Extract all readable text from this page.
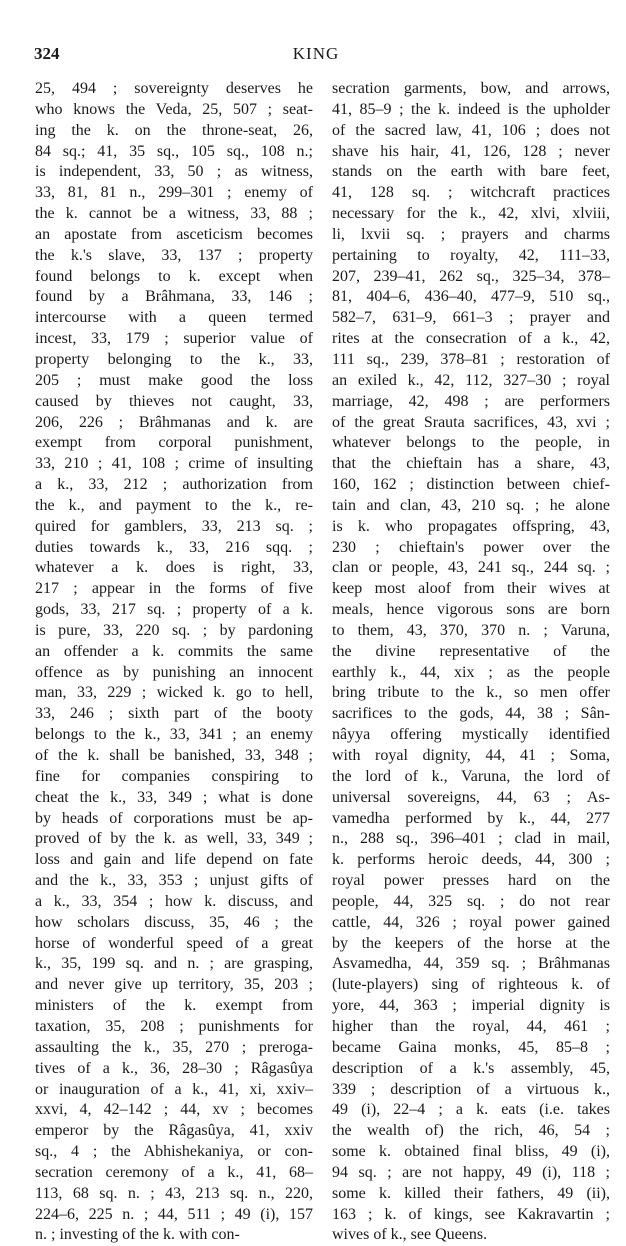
324	KING
25, 494 ; sovereignty deserves he
who knows the Veda, 25, 507 ; seat-
ing the k. on the throne-seat, 26,
84 sq.; 41, 35 sq., 105 sq., 108 n.;
is independent, 33, 50 ; as witness,
33, 81, 81 n., 299–301 ; enemy of
the k. cannot be a witness, 33, 88 ;
an apostate from asceticism becomes
the k.'s slave, 33, 137 ; property
found belongs to k. except when
found by a Brâhmana, 33, 146 ;
intercourse with a queen termed
incest, 33, 179 ; superior value of
property belonging to the k., 33,
205 ; must make good the loss
caused by thieves not caught, 33,
206, 226 ; Brâhmanas and k. are
exempt from corporal punishment,
33, 210 ; 41, 108 ; crime of insulting
a k., 33, 212 ; authorization from
the k., and payment to the k., re-
quired for gamblers, 33, 213 sq. ;
duties towards k., 33, 216 sqq. ;
whatever a k. does is right, 33,
217 ; appear in the forms of five
gods, 33, 217 sq. ; property of a k.
is pure, 33, 220 sq. ; by pardoning
an offender a k. commits the same
offence as by punishing an innocent
man, 33, 229 ; wicked k. go to hell,
33, 246 ; sixth part of the booty
belongs to the k., 33, 341 ; an enemy
of the k. shall be banished, 33, 348 ;
fine for companies conspiring to
cheat the k., 33, 349 ; what is done
by heads of corporations must be ap-
proved of by the k. as well, 33, 349 ;
loss and gain and life depend on fate
and the k., 33, 353 ; unjust gifts of
a k., 33, 354 ; how k. discuss, and
how scholars discuss, 35, 46 ; the
horse of wonderful speed of a great
k., 35, 199 sq. and n. ; are grasping,
and never give up territory, 35, 203 ;
ministers of the k. exempt from
taxation, 35, 208 ; punishments for
assaulting the k., 35, 270 ; preroga-
tives of a k., 36, 28–30 ; Râgasûya
or inauguration of a k., 41, xi, xxiv–
xxvi, 4, 42–142 ; 44, xv ; becomes
emperor by the Râgasûya, 41, xxiv
sq., 4 ; the Abhishekaniya, or con-
secration ceremony of a k., 41, 68–
113, 68 sq. n. ; 43, 213 sq. n., 220,
224–6, 225 n. ; 44, 511 ; 49 (i), 157
n. ; investing of the k. with con-
secration garments, bow, and arrows,
41, 85–9 ; the k. indeed is the upholder
of the sacred law, 41, 106 ; does not
shave his hair, 41, 126, 128 ; never
stands on the earth with bare feet,
41, 128 sq. ; witchcraft practices
necessary for the k., 42, xlvi, xlviii,
li, lxvii sq. ; prayers and charms
pertaining to royalty, 42, 111–33,
207, 239–41, 262 sq., 325–34, 378–
81, 404–6, 436–40, 477–9, 510 sq.,
582–7, 631–9, 661–3 ; prayer and
rites at the consecration of a k., 42,
111 sq., 239, 378–81 ; restoration of
an exiled k., 42, 112, 327–30 ; royal
marriage, 42, 498 ; are performers
of the great Srauta sacrifices, 43, xvi ;
whatever belongs to the people, in
that the chieftain has a share, 43,
160, 162 ; distinction between chief-
tain and clan, 43, 210 sq. ; he alone
is k. who propagates offspring, 43,
230 ; chieftain's power over the
clan or people, 43, 241 sq., 244 sq. ;
keep most aloof from their wives at
meals, hence vigorous sons are born
to them, 43, 370, 370 n. ; Varuna,
the divine representative of the
earthly k., 44, xix ; as the people
bring tribute to the k., so men offer
sacrifices to the gods, 44, 38 ; Sân-
nâyya offering mystically identified
with royal dignity, 44, 41 ; Soma,
the lord of k., Varuna, the lord of
universal sovereigns, 44, 63 ; As-
vamedha performed by k., 44, 277
n., 288 sq., 396–401 ; clad in mail,
k. performs heroic deeds, 44, 300 ;
royal power presses hard on the
people, 44, 325 sq. ; do not rear
cattle, 44, 326 ; royal power gained
by the keepers of the horse at the
Asvamedha, 44, 359 sq. ; Brâhmanas
(lute-players) sing of righteous k. of
yore, 44, 363 ; imperial dignity is
higher than the royal, 44, 461 ;
became Gaina monks, 45, 85–8 ;
description of a k.'s assembly, 45,
339 ; description of a virtuous k.,
49 (i), 22–4 ; a k. eats (i.e. takes
the wealth of) the rich, 46, 54 ;
some k. obtained final bliss, 49 (i),
94 sq. ; are not happy, 49 (i), 118 ;
some k. killed their fathers, 49 (ii),
163 ; k. of kings, see Kakravartin ;
wives of k., see Queens.
